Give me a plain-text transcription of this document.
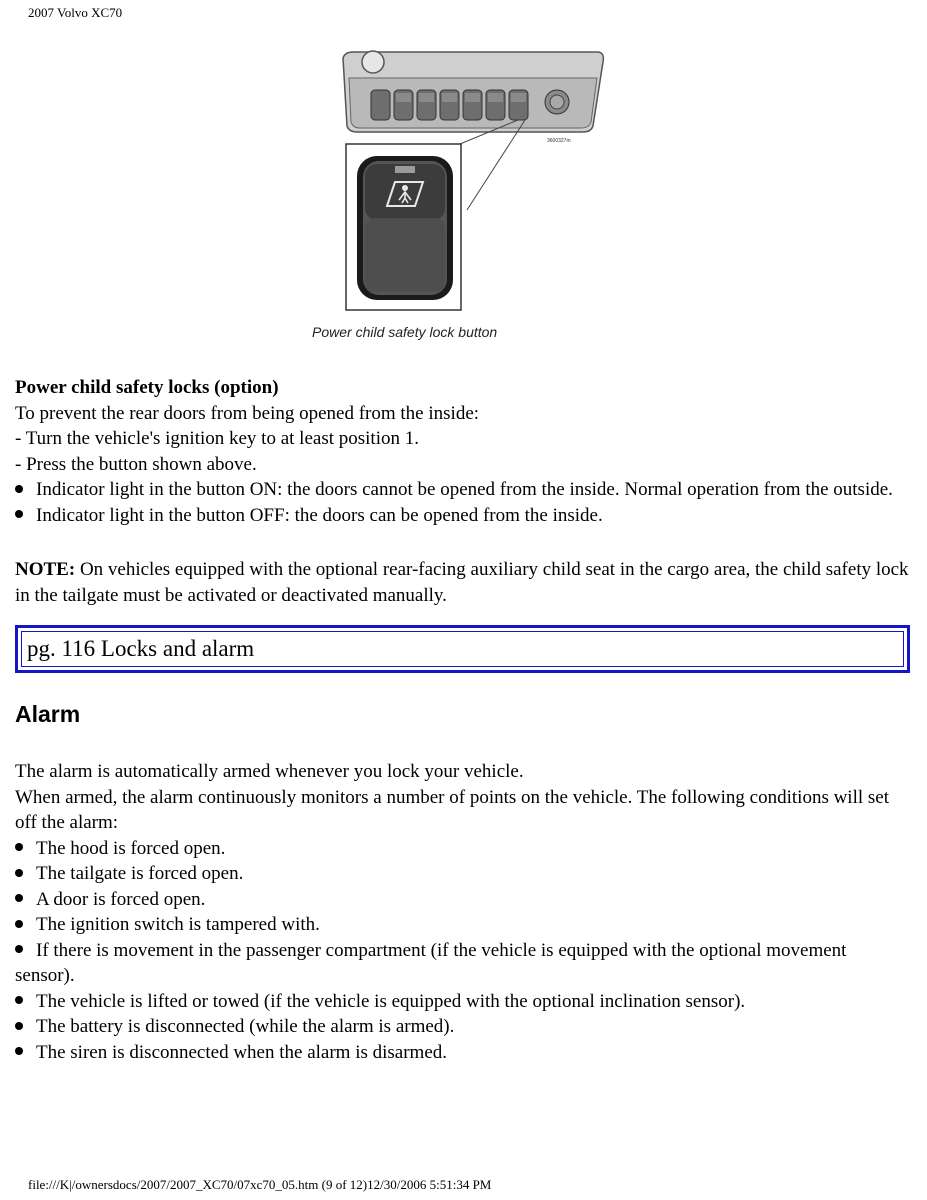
2007 Volvo XC70
3600327m
Power child safety lock button

Power child safety locks (option)

To prevent the rear doors from being opened from the inside:

- Turn the vehicle's ignition key to at least position 1.

- Press the button shown above.

Indicator light in the button ON: the doors cannot be opened from the inside. Normal operation from the outside.

Indicator light in the button OFF: the doors can be opened from the inside.

NOTE: On vehicles equipped with the optional rear-facing auxiliary child seat in the cargo area, the child safety lock in the tailgate must be activated or deactivated manually.

pg. 116 Locks and alarm
Alarm

The alarm is automatically armed whenever you lock your vehicle.

When armed, the alarm continuously monitors a number of points on the vehicle. The following conditions will set off the alarm:

The hood is forced open.

The tailgate is forced open.

A door is forced open.

The ignition switch is tampered with.

If there is movement in the passenger compartment (if the vehicle is equipped with the optional movement sensor).

The vehicle is lifted or towed (if the vehicle is equipped with the optional inclination sensor).

The battery is disconnected (while the alarm is armed).

The siren is disconnected when the alarm is disarmed.

file:///K|/ownersdocs/2007/2007_XC70/07xc70_05.htm (9 of 12)12/30/2006 5:51:34 PM
